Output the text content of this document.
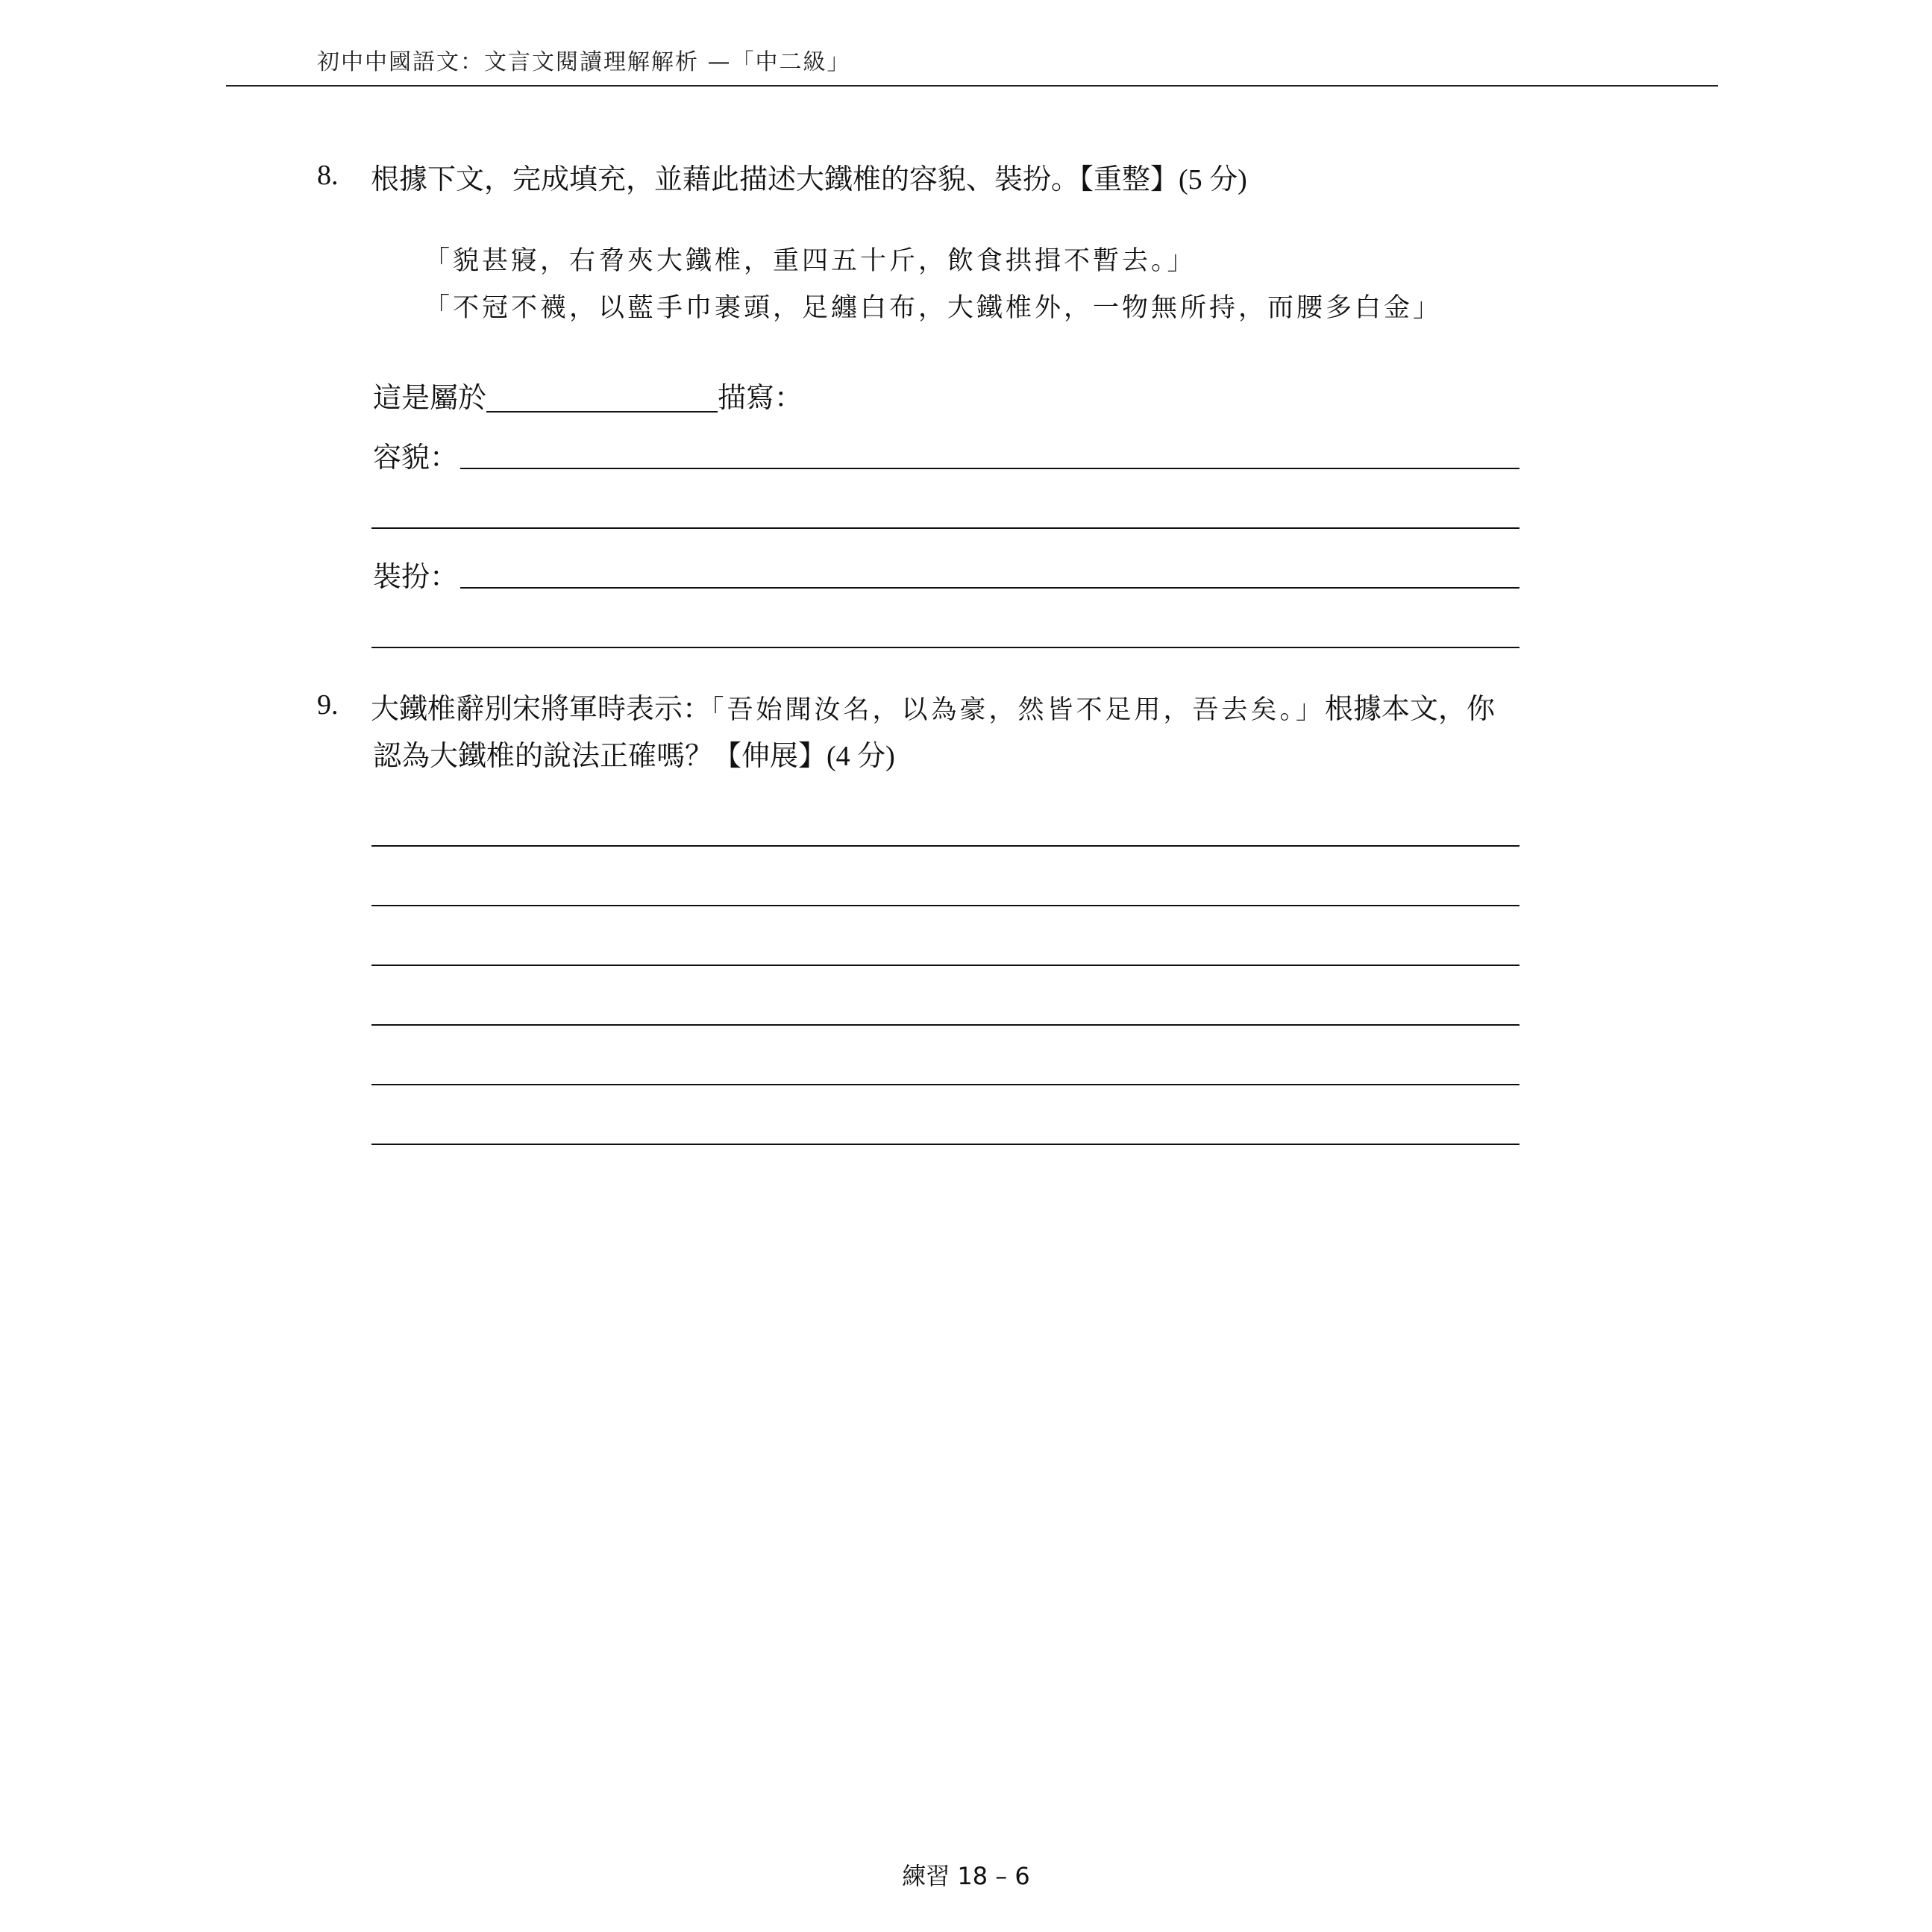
初中中國語文：文言文閱讀理解解析 —「中二級」
8. 根據下文，完成填充，並藉此描述大鐵椎的容貌、裝扮。【重整】(5 分)
「貌甚寢，右脅夾大鐵椎，重四五十斤，飲食拱揖不暫去。」
「不冠不襪，以藍手巾裹頭，足纏白布，大鐵椎外，一物無所持，而腰多白金」
這是屬於	描寫：
容貌：
裝扮：
9. 大鐵椎辭別宋將軍時表示：「吾始聞汝名，以為豪，然皆不足用，吾去矣。」根據本文，你
認為大鐵椎的說法正確嗎？【伸展】(4 分)
練習 18 – 6
